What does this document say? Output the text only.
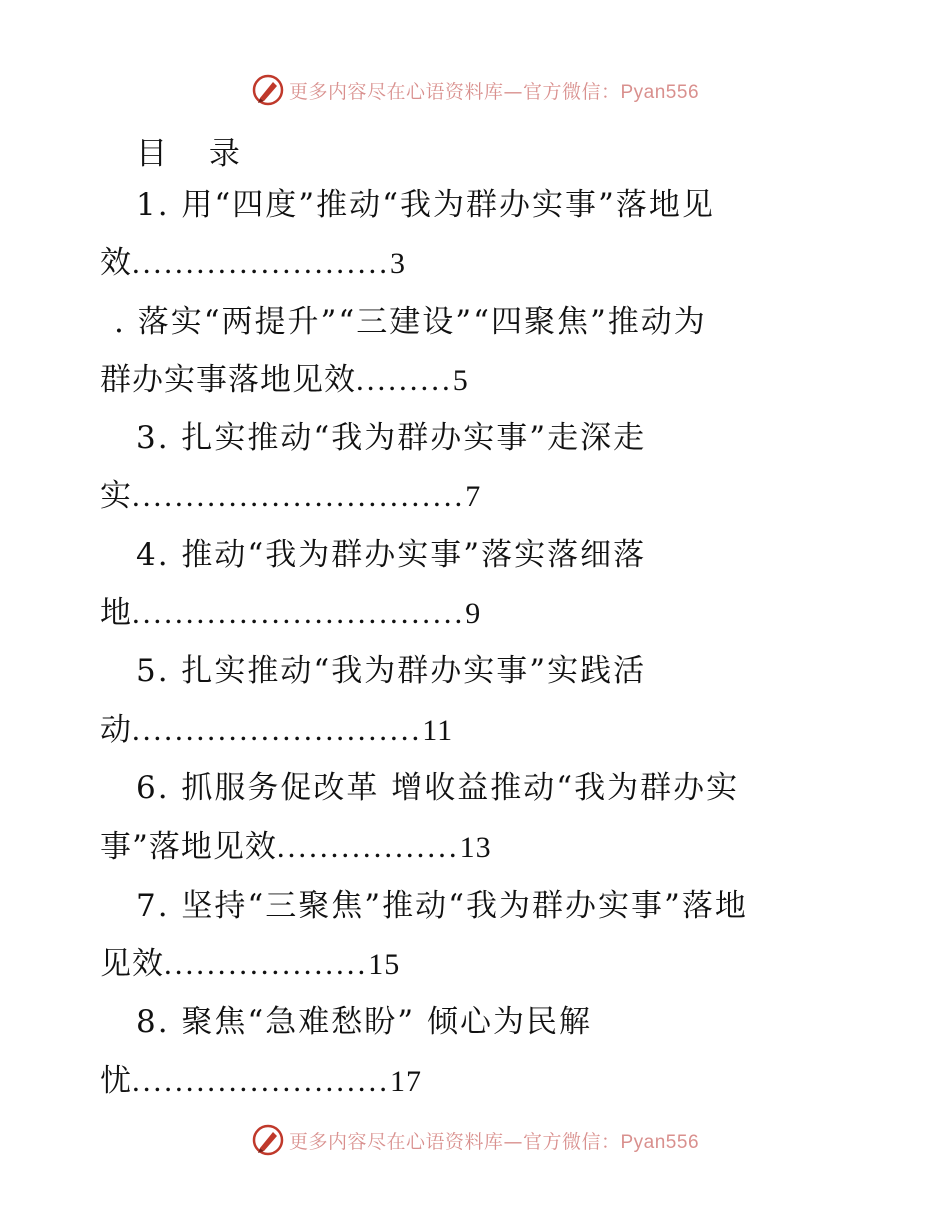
更多内容尽在心语资料库—官方微信：Pyan556
目 录
1. 用“四度”推动“我为群办实事”落地见
效........................3
. 落实“两提升”“三建设”“四聚焦”推动为
群办实事落地见效.........5
3. 扎实推动“我为群办实事”走深走
实...............................7
4. 推动“我为群办实事”落实落细落
地...............................9
5. 扎实推动“我为群办实事”实践活
动...........................11
6. 抓服务促改革 增收益推动“我为群办实
事”落地见效.................13
7. 坚持“三聚焦”推动“我为群办实事”落地
见效...................15
8. 聚焦“急难愁盼” 倾心为民解
忧........................17
更多内容尽在心语资料库—官方微信：Pyan556
